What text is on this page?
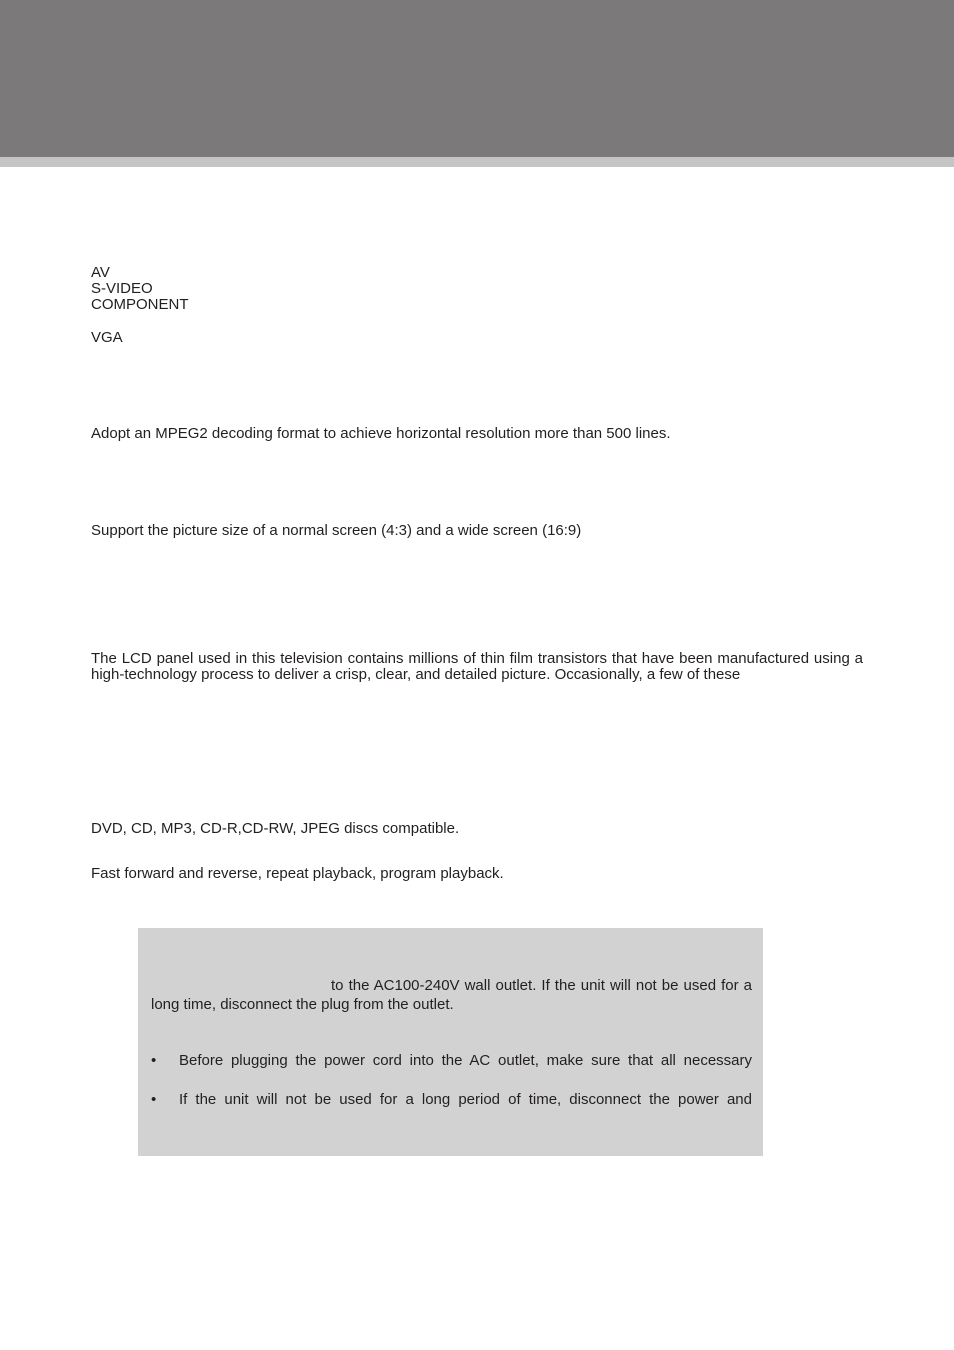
AV
S-VIDEO
COMPONENT
VGA
Adopt an MPEG2 decoding format to achieve horizontal resolution more than 500 lines.
Support the picture size of a normal screen (4:3) and a wide screen (16:9)
The LCD panel used in this television contains millions of thin film transistors that have been manufactured using a high-technology process to deliver a crisp, clear, and detailed picture. Occasionally, a few of these
DVD, CD, MP3, CD-R,CD-RW, JPEG discs compatible.
Fast forward and reverse, repeat playback, program playback.
to the AC100-240V wall outlet. If the unit will not be used for a long time, disconnect the plug from the outlet.
•	Before plugging the power cord into the AC outlet, make sure that all necessary
•	If the unit will not be used for a long period of time, disconnect the power and
